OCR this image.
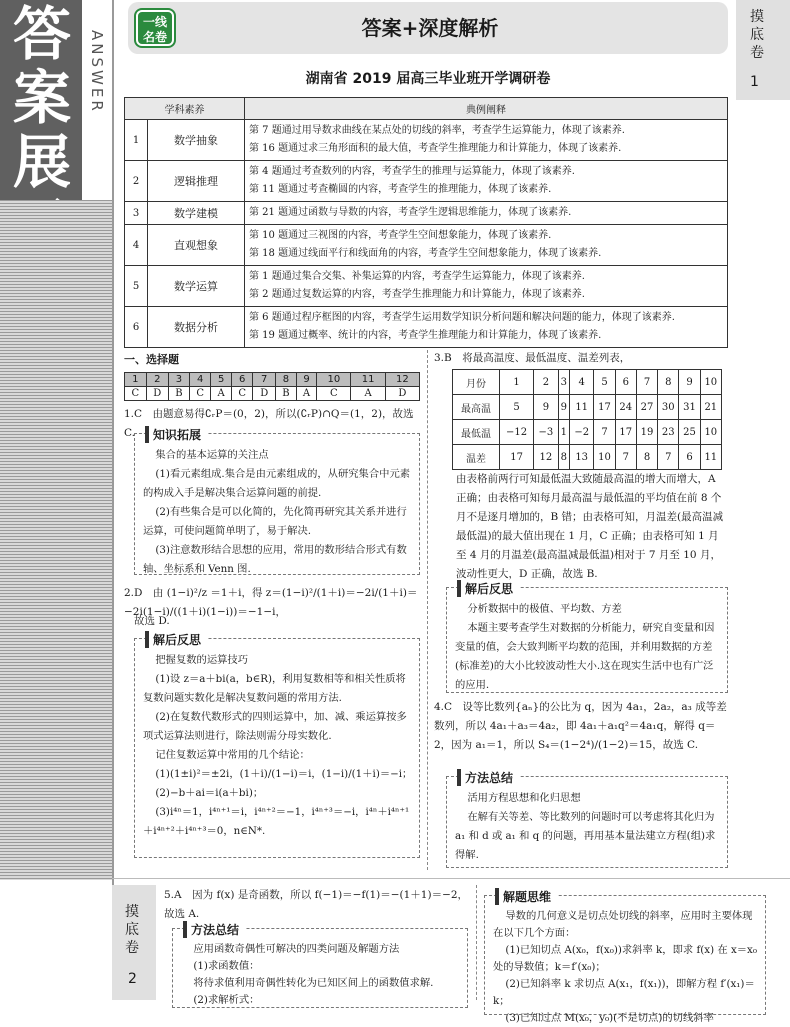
答案展
ANSWER
摸底卷
1
一线名卷	答案+深度解析
湖南省 2019 届高三毕业班开学调研卷
学科素养		典例阐释
1	数学抽象	第 7 题通过用导数求曲线在某点处的切线的斜率，考查学生运算能力，体现了该素养.
第 16 题通过求三角形面积的最大值，考查学生推理能力和计算能力，体现了该素养.

2	逻辑推理	第 4 题通过考查数列的内容，考查学生的推理与运算能力，体现了该素养.
第 11 题通过考查椭圆的内容，考查学生的推理能力，体现了该素养.

3	数学建模	第 21 题通过函数与导数的内容，考查学生逻辑思维能力，体现了该素养.

4	直观想象	第 10 题通过三视图的内容，考查学生空间想象能力，体现了该素养.
第 18 题通过线面平行和线面角的内容，考查学生空间想象能力，体现了该素养.

5	数学运算	第 1 题通过集合交集、补集运算的内容，考查学生运算能力，体现了该素养.
第 2 题通过复数运算的内容，考查学生推理能力和计算能力，体现了该素养.

6	数据分析	第 6 题通过程序框图的内容，考查学生运用数学知识分析问题和解决问题的能力，体现了该素养.
第 19 题通过概率、统计的内容，考查学生推理能力和计算能力，体现了该素养.
一、选择题
1	2	3	4	5	6	7	8	9	10	11	12
C	D	B	C	A	C	D	B	A	C	A	D
1.C　由题意易得∁ᵣP＝(0，2)，所以(∁ᵣP)∩Q＝(1，2)，故选 C.	知识拓展

集合的基本运算的关注点

(1)看元素组成.集合是由元素组成的，从研究集合中元素的构成入手是解决集合运算问题的前提.

(2)有些集合是可以化简的，先化简再研究其关系并进行运算，可使问题简单明了，易于解决.

(3)注意数形结合思想的应用，常用的数形结合形式有数轴、坐标系和 Venn 图.

2.D　由 (1−i)²/z ＝1＋i，得 z＝(1−i)²/(1＋i)＝−2i/(1＋i)＝−2i(1−i)/((1＋i)(1−i))＝−1−i，
故选 D.
解后反思

把握复数的运算技巧

(1)设 z＝a＋bi(a，b∈R)，利用复数相等和相关性质将复数问题实数化是解决复数问题的常用方法.

(2)在复数代数形式的四则运算中，加、减、乘运算按多项式运算法则进行，除法则需分母实数化.

记住复数运算中常用的几个结论：

(1)(1±i)²＝±2i，(1＋i)/(1−i)＝i，(1−i)/(1＋i)＝−i；

(2)−b＋ai＝i(a＋bi)；

(3)i⁴ⁿ＝1，i⁴ⁿ⁺¹＝i，i⁴ⁿ⁺²＝−1，i⁴ⁿ⁺³＝−i，i⁴ⁿ＋i⁴ⁿ⁺¹＋i⁴ⁿ⁺²＋i⁴ⁿ⁺³＝0，n∈N*.

3.B　将最高温度、最低温度、温差列表，
月份	1	2	3	4	5	6	7	8	9	10
最高温	5	9	9	11	17	24	27	30	31	21
最低温	−12	−3	1	−2	7	17	19	23	25	10
温差	17	12	8	13	10	7	8	7	6	11
由表格前两行可知最低温大致随最高温的增大而增大，A 正确；由表格可知每月最高温与最低温的平均值在前 8 个月不是逐月增加的，B 错；由表格可知，月温差(最高温减最低温)的最大值出现在 1 月，C 正确；由表格可知 1 月至 4 月的月温差(最高温减最低温)相对于 7 月至 10 月，波动性更大，D 正确，故选 B.
解后反思

分析数据中的极值、平均数、方差

本题主要考查学生对数据的分析能力，研究自变量和因变量的值，会大致判断平均数的范围，并利用数据的方差(标准差)的大小比较波动性大小.这在现实生活中也有广泛的应用.

4.C　设等比数列{aₙ}的公比为 q，因为 4a₁，2a₂，a₃ 成等差数列，所以 4a₁＋a₃＝4a₂，即 4a₁＋a₁q²＝4a₁q，解得 q＝2，因为 a₁＝1，所以 S₄＝(1−2⁴)/(1−2)＝15，故选 C.
方法总结

活用方程思想和化归思想

在解有关等差、等比数列的问题时可以考虑将其化归为 a₁ 和 d 或 a₁ 和 q 的问题，再用基本量法建立方程(组)求得解.

摸底卷
2
5.A　因为 f(x) 是奇函数，所以 f(−1)＝−f(1)＝−(1＋1)＝−2，故选 A.
方法总结

应用函数奇偶性可解决的四类问题及解题方法

(1)求函数值：

将待求值利用奇偶性转化为已知区间上的函数值求解.

(2)求解析式：

解题思维

导数的几何意义是切点处切线的斜率，应用时主要体现在以下几个方面：

(1)已知切点 A(x₀，f(x₀))求斜率 k，即求 f(x) 在 x＝x₀ 处的导数值；k＝f′(x₀)；

(2)已知斜率 k 求切点 A(x₁，f(x₁))，即解方程 f′(x₁)＝k；

(3)已知过点 M(x₀，y₀)(不是切点)的切线斜率
